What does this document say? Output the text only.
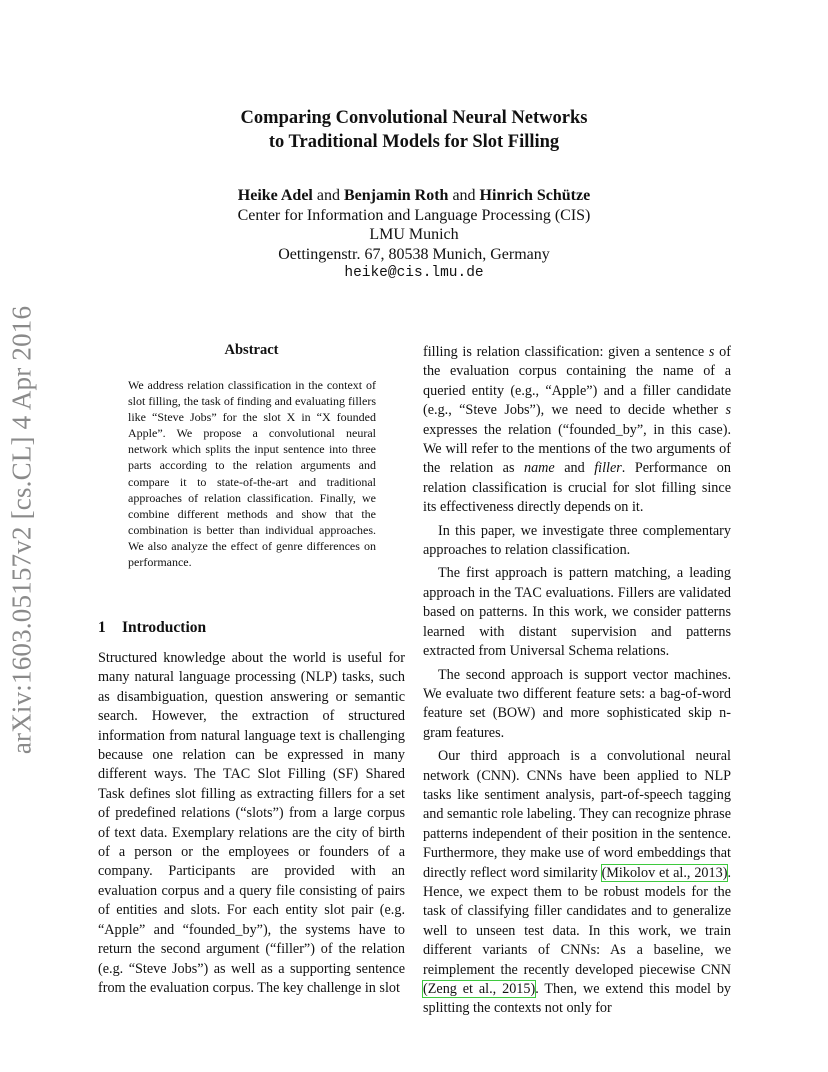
Comparing Convolutional Neural Networks
to Traditional Models for Slot Filling
Heike Adel and Benjamin Roth and Hinrich Schütze
Center for Information and Language Processing (CIS)
LMU Munich
Oettingenstr. 67, 80538 Munich, Germany
heike@cis.lmu.de
arXiv:1603.05157v2 [cs.CL] 4 Apr 2016	Abstract

We address relation classification in the context of slot filling, the task of finding and evaluating fillers like “Steve Jobs” for the slot X in “X founded Apple”. We propose a convolutional neural network which splits the input sentence into three parts according to the relation arguments and compare it to state-of-the-art and traditional approaches of relation classification. Finally, we combine different methods and show that the combination is better than individual approaches. We also analyze the effect of genre differences on performance.

1 Introduction

Structured knowledge about the world is useful for many natural language processing (NLP) tasks, such as disambiguation, question answering or semantic search. However, the extraction of structured information from natural language text is challenging because one relation can be expressed in many different ways. The TAC Slot Filling (SF) Shared Task defines slot filling as extracting fillers for a set of predefined relations (“slots”) from a large corpus of text data. Exemplary relations are the city of birth of a person or the employees or founders of a company. Participants are provided with an evaluation corpus and a query file consisting of pairs of entities and slots. For each entity slot pair (e.g. “Apple” and “founded_by”), the systems have to return the second argument (“filler”) of the relation (e.g. “Steve Jobs”) as well as a supporting sentence from the evaluation corpus. The key challenge in slot

filling is relation classification: given a sentence s of the evaluation corpus containing the name of a queried entity (e.g., “Apple”) and a filler candidate (e.g., “Steve Jobs”), we need to decide whether s expresses the relation (“founded_by”, in this case). We will refer to the mentions of the two arguments of the relation as name and filler. Performance on relation classification is crucial for slot filling since its effectiveness directly depends on it.

In this paper, we investigate three complementary approaches to relation classification.

The first approach is pattern matching, a leading approach in the TAC evaluations. Fillers are validated based on patterns. In this work, we consider patterns learned with distant supervision and patterns extracted from Universal Schema relations.

The second approach is support vector machines. We evaluate two different feature sets: a bag-of-word feature set (BOW) and more sophisticated skip n-gram features.

Our third approach is a convolutional neural network (CNN). CNNs have been applied to NLP tasks like sentiment analysis, part-of-speech tagging and semantic role labeling. They can recognize phrase patterns independent of their position in the sentence. Furthermore, they make use of word embeddings that directly reflect word similarity (Mikolov et al., 2013). Hence, we expect them to be robust models for the task of classifying filler candidates and to generalize well to unseen test data. In this work, we train different variants of CNNs: As a baseline, we reimplement the recently developed piecewise CNN (Zeng et al., 2015). Then, we extend this model by splitting the contexts not only for
